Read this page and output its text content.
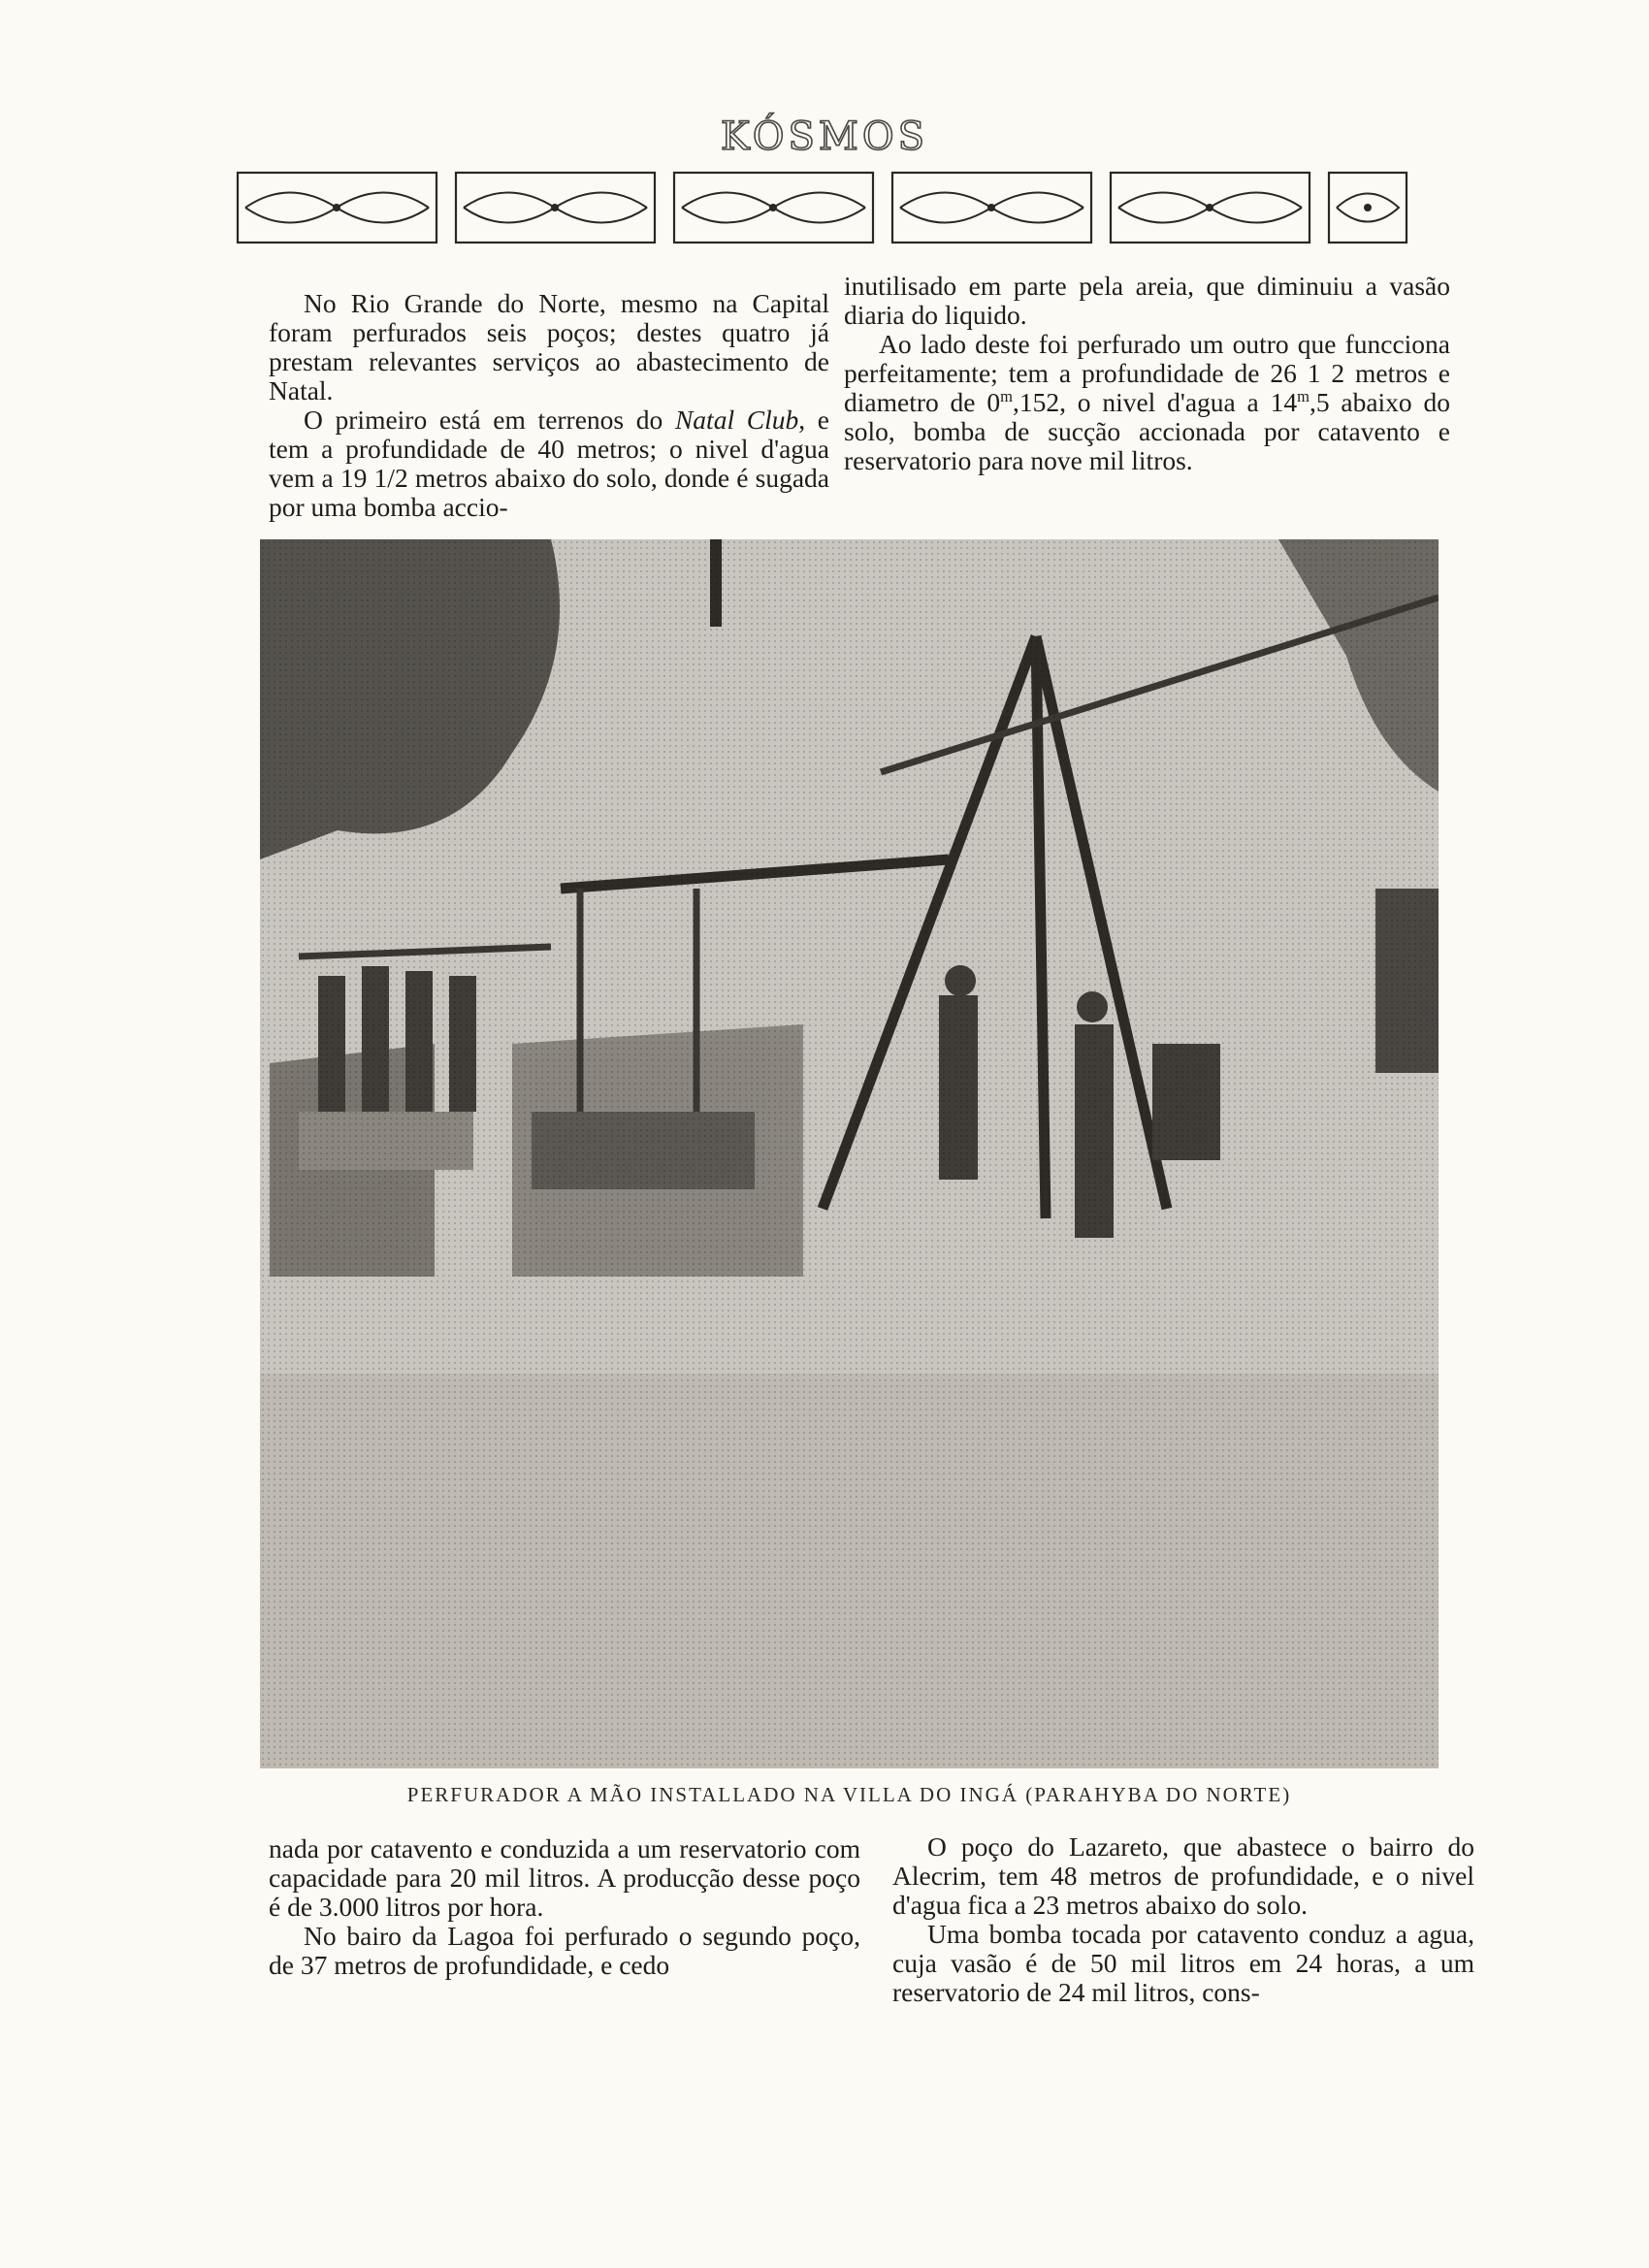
KÓSMOS

No Rio Grande do Norte, mesmo na Capital foram perfurados seis poços; destes quatro já prestam relevantes serviços ao abastecimento de Natal.

O primeiro está em terrenos do Natal Club, e tem a profundidade de 40 metros; o nivel d'agua vem a 19 1/2 metros abaixo do solo, donde é sugada por uma bomba accio-

inutilisado em parte pela areia, que diminuiu a vasão diaria do liquido.

Ao lado deste foi perfurado um outro que funcciona perfeitamente; tem a profundidade de 26 1 2 metros e diametro de 0$^m$,152, o nivel d'agua a 14$^m$,5 abaixo do solo, bomba de sucção accionada por catavento e reservatorio para nove mil litros.

PERFURADOR A MÃO INSTALLADO NA VILLA DO INGÁ (PARAHYBA DO NORTE)

nada por catavento e conduzida a um reservatorio com capacidade para 20 mil litros. A producção desse poço é de 3.000 litros por hora.

No bairo da Lagoa foi perfurado o segundo poço, de 37 metros de profundidade, e cedo

O poço do Lazareto, que abastece o bairro do Alecrim, tem 48 metros de profundidade, e o nivel d'agua fica a 23 metros abaixo do solo.

Uma bomba tocada por catavento conduz a agua, cuja vasão é de 50 mil litros em 24 horas, a um reservatorio de 24 mil litros, cons-
